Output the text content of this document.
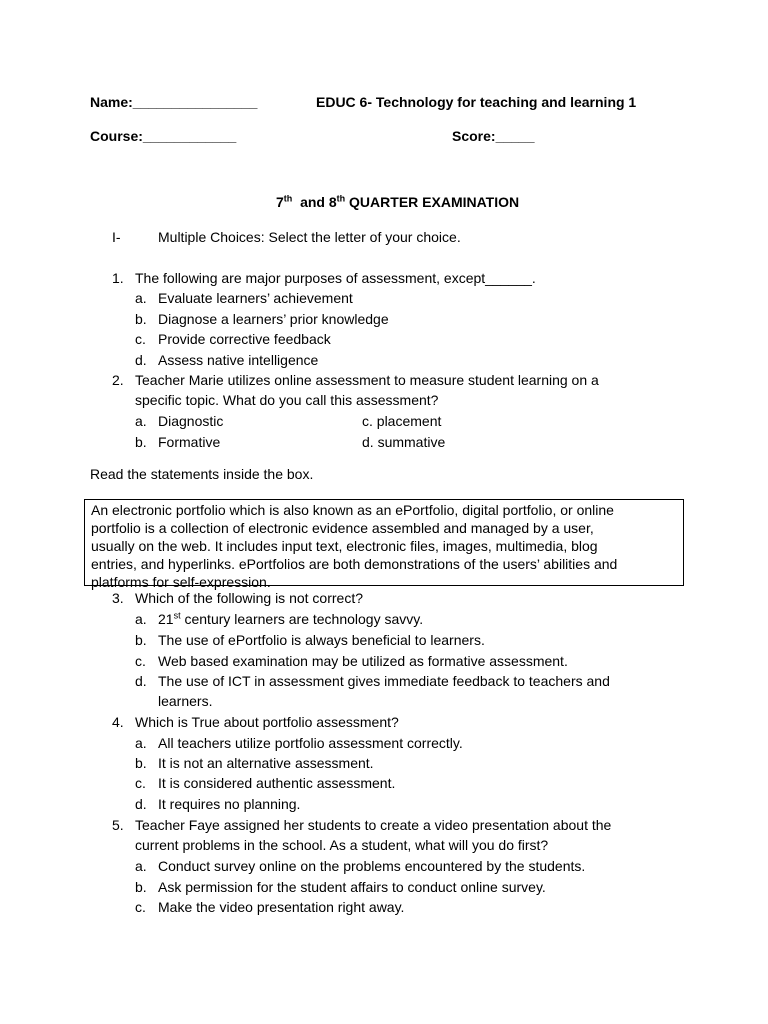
Name:________________	EDUC 6- Technology for teaching and learning 1
Course:____________	Score:_____
7th and 8th QUARTER EXAMINATION
I-	Multiple Choices: Select the letter of your choice.
1. The following are major purposes of assessment, except______.
a. Evaluate learners’ achievement
b. Diagnose a learners’ prior knowledge
c. Provide corrective feedback
d. Assess native intelligence
2. Teacher Marie utilizes online assessment to measure student learning on a
specific topic. What do you call this assessment?
a. Diagnostic
b. Formative
c. placement
d. summative
Read the statements inside the box.
An electronic portfolio which is also known as an ePortfolio, digital portfolio, or online
portfolio is a collection of electronic evidence assembled and managed by a user,
usually on the web. It includes input text, electronic files, images, multimedia, blog
entries, and hyperlinks. ePortfolios are both demonstrations of the users’ abilities and
platforms for self-expression.
3. Which of the following is not correct?
a. 21st century learners are technology savvy.
b. The use of ePortfolio is always beneficial to learners.
c. Web based examination may be utilized as formative assessment.
d. The use of ICT in assessment gives immediate feedback to teachers and
learners.
4. Which is True about portfolio assessment?
a. All teachers utilize portfolio assessment correctly.
b. It is not an alternative assessment.
c. It is considered authentic assessment.
d. It requires no planning.
5. Teacher Faye assigned her students to create a video presentation about the
current problems in the school. As a student, what will you do first?
a. Conduct survey online on the problems encountered by the students.
b. Ask permission for the student affairs to conduct online survey.
c. Make the video presentation right away.
